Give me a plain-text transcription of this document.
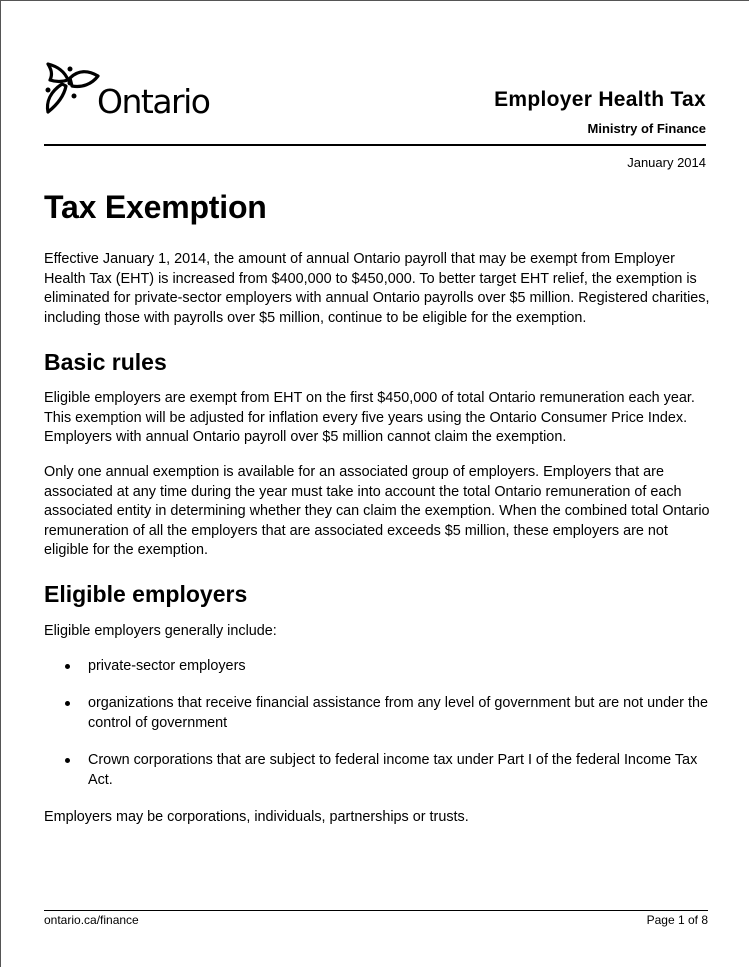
Ontario	Employer Health Tax
Ministry of Finance
January 2014
Tax Exemption

Effective January 1, 2014, the amount of annual Ontario payroll that may be exempt from Employer Health Tax (EHT) is increased from $400,000 to $450,000. To better target EHT relief, the exemption is eliminated for private-sector employers with annual Ontario payrolls over $5 million. Registered charities, including those with payrolls over $5 million, continue to be eligible for the exemption.

Basic rules

Eligible employers are exempt from EHT on the first $450,000 of total Ontario remuneration each year. This exemption will be adjusted for inflation every five years using the Ontario Consumer Price Index. Employers with annual Ontario payroll over $5 million cannot claim the exemption.

Only one annual exemption is available for an associated group of employers. Employers that are associated at any time during the year must take into account the total Ontario remuneration of each associated entity in determining whether they can claim the exemption. When the combined total Ontario remuneration of all the employers that are associated exceeds $5 million, these employers are not eligible for the exemption.

Eligible employers

Eligible employers generally include:

private-sector employers
organizations that receive financial assistance from any level of government but are not under the control of government
Crown corporations that are subject to federal income tax under Part I of the federal Income Tax Act.

Employers may be corporations, individuals, partnerships or trusts.

ontario.ca/finance	Page 1 of 8
